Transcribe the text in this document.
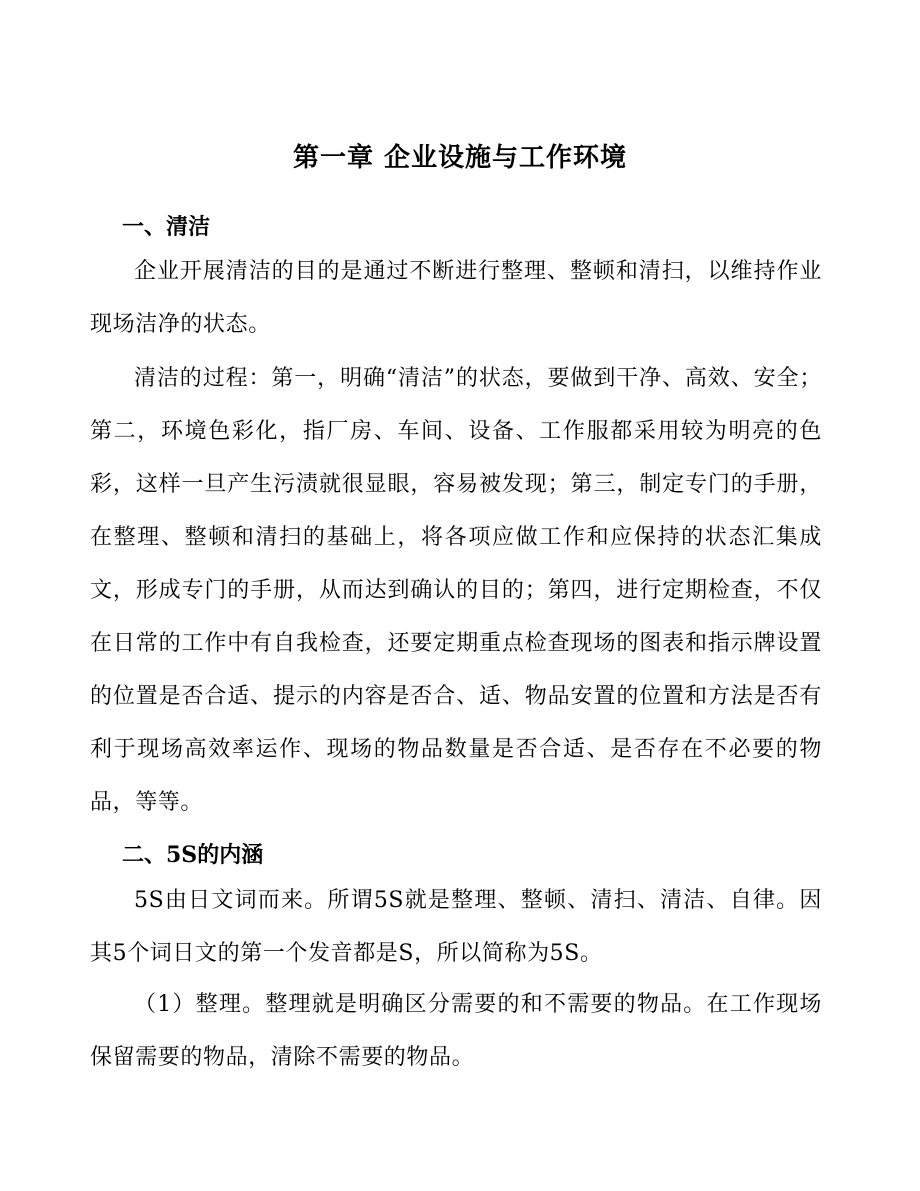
第一章 企业设施与工作环境
一、清洁
企业开展清洁的目的是通过不断进行整理、整顿和清扫，以维持作业现场洁净的状态。
清洁的过程：第一，明确“清洁”的状态，要做到干净、高效、安全；第二，环境色彩化，指厂房、车间、设备、工作服都采用较为明亮的色彩，这样一旦产生污渍就很显眼，容易被发现；第三，制定专门的手册，在整理、整顿和清扫的基础上，将各项应做工作和应保持的状态汇集成文，形成专门的手册，从而达到确认的目的；第四，进行定期检查，不仅在日常的工作中有自我检查，还要定期重点检查现场的图表和指示牌设置的位置是否合适、提示的内容是否合、适、物品安置的位置和方法是否有利于现场高效率运作、现场的物品数量是否合适、是否存在不必要的物品，等等。
二、5S的内涵
5S由日文词而来。所谓5S就是整理、整顿、清扫、清洁、自律。因其5个词日文的第一个发音都是S，所以简称为5S。
（1）整理。整理就是明确区分需要的和不需要的物品。在工作现场保留需要的物品，清除不需要的物品。
